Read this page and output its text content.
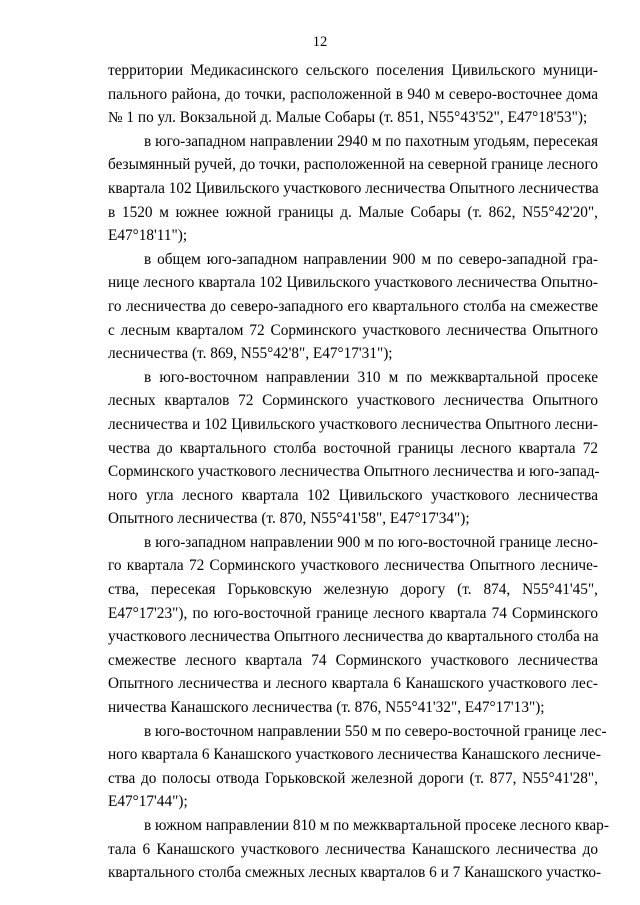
12
территории Медикасинского сельского поселения Цивильского муници-
пального района, до точки, расположенной в 940 м северо-восточнее дома
№ 1 по ул. Вокзальной д. Малые Собары (т. 851, N55°43'52", E47°18'53");
в юго-западном направлении 2940 м по пахотным угодьям, пересекая
безымянный ручей, до точки, расположенной на северной границе лесного
квартала 102 Цивильского участкового лесничества Опытного лесничества
в 1520 м южнее южной границы д. Малые Собары (т. 862, N55°42'20",
E47°18'11");
в общем юго-западном направлении 900 м по северо-западной гра-
нице лесного квартала 102 Цивильского участкового лесничества Опытно-
го лесничества до северо-западного его квартального столба на смежестве
с лесным кварталом 72 Сорминского участкового лесничества Опытного
лесничества (т. 869, N55°42'8", E47°17'31");
в юго-восточном направлении 310 м по межквартальной просеке
лесных кварталов 72 Сорминского участкового лесничества Опытного
лесничества и 102 Цивильского участкового лесничества Опытного лесни-
чества до квартального столба восточной границы лесного квартала 72
Сорминского участкового лесничества Опытного лесничества и юго-запад-
ного угла лесного квартала 102 Цивильского участкового лесничества
Опытного лесничества (т. 870, N55°41'58", E47°17'34");
в юго-западном направлении 900 м по юго-восточной границе лесно-
го квартала 72 Сорминского участкового лесничества Опытного лесниче-
ства, пересекая Горьковскую железную дорогу (т. 874, N55°41'45",
E47°17'23"), по юго-восточной границе лесного квартала 74 Сорминского
участкового лесничества Опытного лесничества до квартального столба на
смежестве лесного квартала 74 Сорминского участкового лесничества
Опытного лесничества и лесного квартала 6 Канашского участкового лес-
ничества Канашского лесничества (т. 876, N55°41'32", E47°17'13");
в юго-восточном направлении 550 м по северо-восточной границе лес-
ного квартала 6 Канашского участкового лесничества Канашского лесниче-
ства до полосы отвода Горьковской железной дороги (т. 877, N55°41'28",
E47°17'44");
в южном направлении 810 м по межквартальной просеке лесного квар-
тала 6 Канашского участкового лесничества Канашского лесничества до
квартального столба смежных лесных кварталов 6 и 7 Канашского участко-
